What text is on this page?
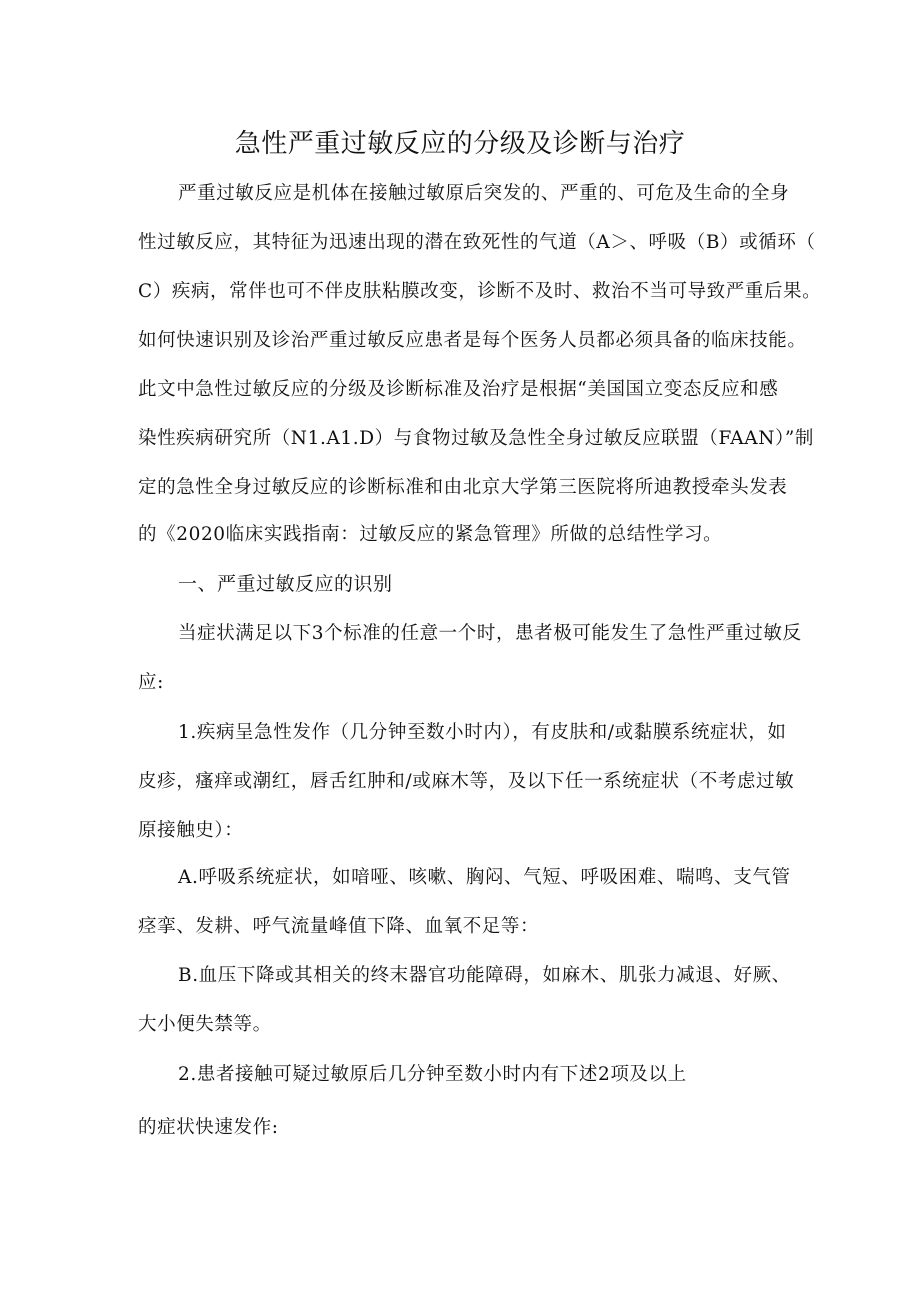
急性严重过敏反应的分级及诊断与治疗
严重过敏反应是机体在接触过敏原后突发的、严重的、可危及生命的全身
性过敏反应，其特征为迅速出现的潜在致死性的气道（A＞、呼吸（B）或循环（
C）疾病，常伴也可不伴皮肤粘膜改变，诊断不及时、救治不当可导致严重后果。
如何快速识别及诊治严重过敏反应患者是每个医务人员都必须具备的临床技能。
此文中急性过敏反应的分级及诊断标准及治疗是根据“美国国立变态反应和感
染性疾病研究所（N1.A1.D）与食物过敏及急性全身过敏反应联盟（FAAN）”制
定的急性全身过敏反应的诊断标准和由北京大学第三医院将所迪教授牵头发表
的《2020临床实践指南：过敏反应的紧急管理》所做的总结性学习。
一、严重过敏反应的识别
当症状满足以下3个标准的任意一个时，患者极可能发生了急性严重过敏反
应:
1.疾病呈急性发作（几分钟至数小时内），有皮肤和/或黏膜系统症状，如
皮疹，瘙痒或潮红，唇舌红肿和/或麻木等，及以下任一系统症状（不考虑过敏
原接触史）：
A.呼吸系统症状，如喑哑、咳嗽、胸闷、气短、呼吸困难、喘鸣、支气管
痉挛、发耕、呼气流量峰值下降、血氧不足等：
B.血压下降或其相关的终末器官功能障碍，如麻木、肌张力减退、好厥、
大小便失禁等。
2.患者接触可疑过敏原后几分钟至数小时内有下述2项及以上
的症状快速发作:
